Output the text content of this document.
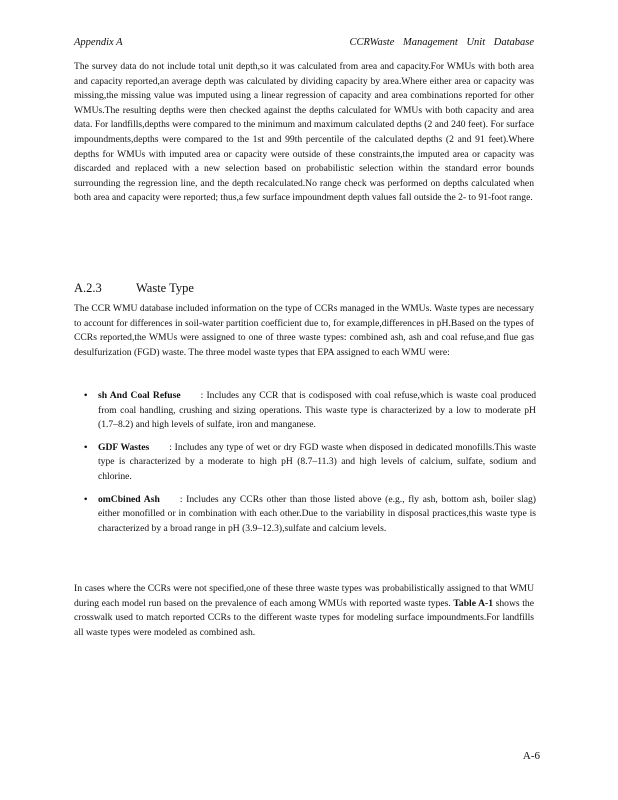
Appendix A	CCRWaste Management Unit Database

The survey data do not include total unit depth,so it was calculated from area and capacity.For WMUs with both area and capacity reported,an average depth was calculated by dividing capacity by area.Where either area or capacity was missing,the missing value was imputed using a linear regression of capacity and area combinations reported for other WMUs.The resulting depths were then checked against the depths calculated for WMUs with both capacity and area data. For landfills,depths were compared to the minimum and maximum calculated depths (2 and 240 feet). For surface impoundments,depths were compared to the 1st and 99th percentile of the calculated depths (2 and 91 feet).Where depths for WMUs with imputed area or capacity were outside of these constraints,the imputed area or capacity was discarded and replaced with a new selection based on probabilistic selection within the standard error bounds surrounding the regression line, and the depth recalculated.No range check was performed on depths calculated when both area and capacity were reported; thus,a few surface impoundment depth values fall outside the 2- to 91-foot range.

A.2.3	Waste Type

The CCR WMU database included information on the type of CCRs managed in the WMUs. Waste types are necessary to account for differences in soil-water partition coefficient due to, for example,differences in pH.Based on the types of CCRs reported,the WMUs were assigned to one of three waste types: combined ash, ash and coal refuse,and flue gas desulfurization (FGD) waste. The three model waste types that EPA assigned to each WMU were:

• sh And Coal Refuse : Includes any CCR that is codisposed with coal refuse,which is waste coal produced from coal handling, crushing and sizing operations. This waste type is characterized by a low to moderate pH (1.7–8.2) and high levels of sulfate, iron and manganese.
• GDF Wastes : Includes any type of wet or dry FGD waste when disposed in dedicated monofills.This waste type is characterized by a moderate to high pH (8.7–11.3) and high levels of calcium, sulfate, sodium and chlorine.
• omCbined Ash : Includes any CCRs other than those listed above (e.g., fly ash, bottom ash, boiler slag) either monofilled or in combination with each other.Due to the variability in disposal practices,this waste type is characterized by a broad range in pH (3.9–12.3),sulfate and calcium levels.

In cases where the CCRs were not specified,one of these three waste types was probabilistically assigned to that WMU during each model run based on the prevalence of each among WMUs with reported waste types. Table A-1 shows the crosswalk used to match reported CCRs to the different waste types for modeling surface impoundments.For landfills all waste types were modeled as combined ash.

A-6
